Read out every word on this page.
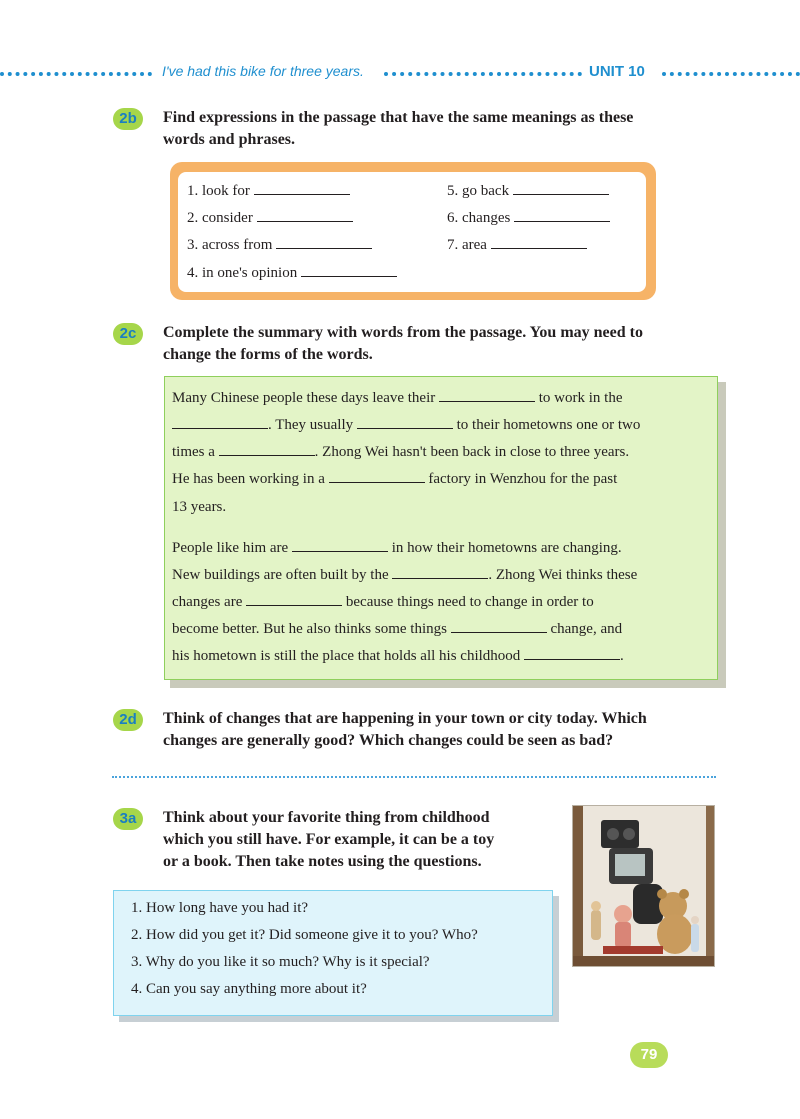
I've had this bike for three years.	UNIT 10
2b	Find expressions in the passage that have the same meanings as these
words and phrases.
1. look for
2. consider
3. across from
4. in one's opinion
5. go back
6. changes
7. area
2c	Complete the summary with words from the passage. You may need to
change the forms of the words.
Many Chinese people these days leave their	to work in the
. They usually	to their hometowns one or two
times a	. Zhong Wei hasn't been back in close to three years.
He has been working in a	factory in Wenzhou for the past
13 years.
People like him are	in how their hometowns are changing.
New buildings are often built by the	. Zhong Wei thinks these
changes are	because things need to change in order to
become better. But he also thinks some things	change, and
his hometown is still the place that holds all his childhood	.
2d	Think of changes that are happening in your town or city today. Which
changes are generally good? Which changes could be seen as bad?
3a	Think about your favorite thing from childhood
which you still have. For example, it can be a toy
or a book. Then take notes using the questions.
1. How long have you had it?
2. How did you get it? Did someone give it to you? Who?
3. Why do you like it so much? Why is it special?
4. Can you say anything more about it?
79
